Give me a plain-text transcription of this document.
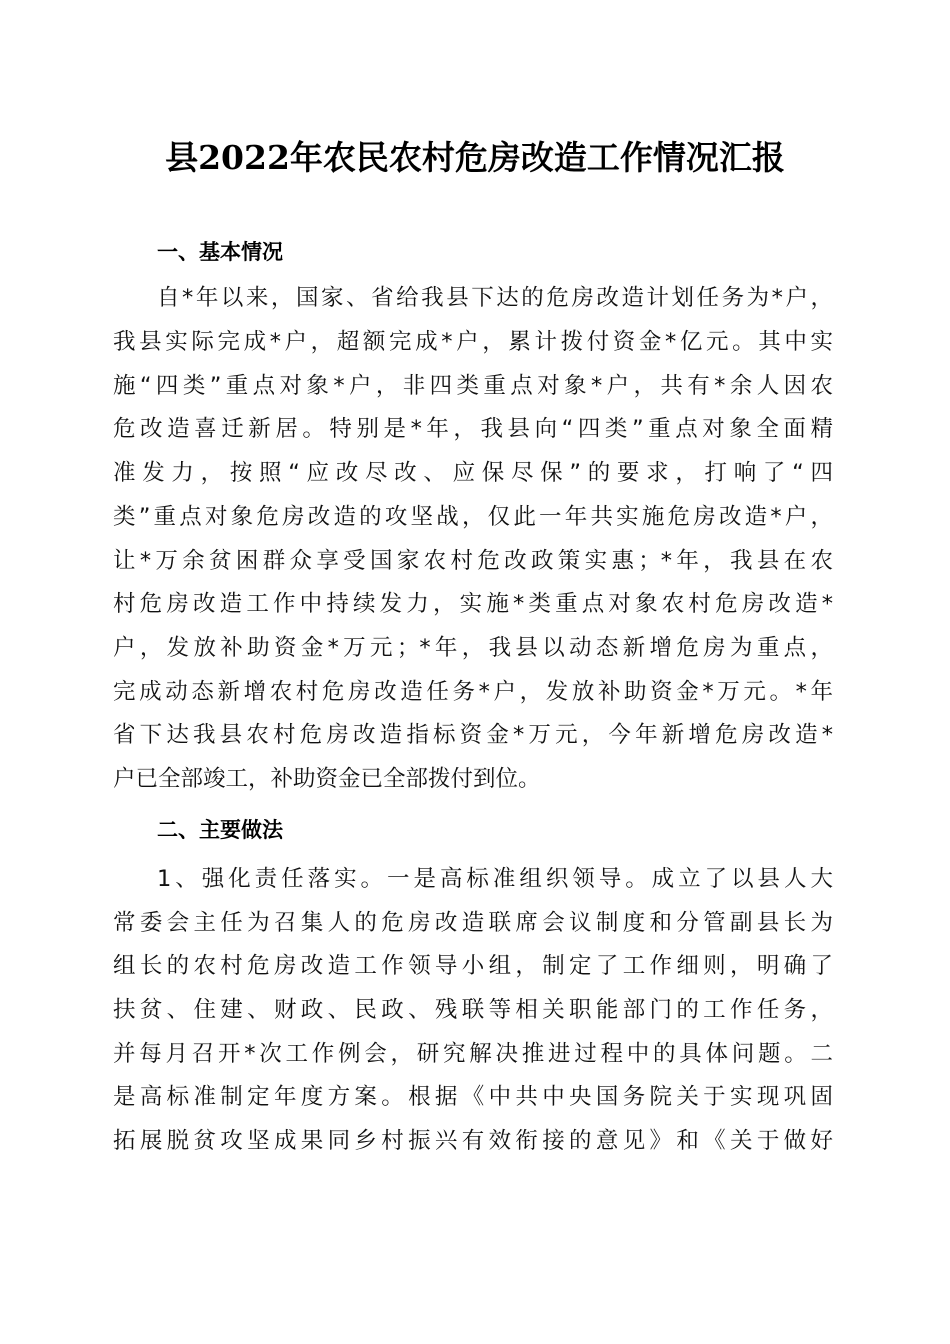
县2022年农民农村危房改造工作情况汇报
一、基本情况
自*年以来，国家、省给我县下达的危房改造计划任务为*户，
我县实际完成*户，超额完成*户，累计拨付资金*亿元。其中实
施“四类”重点对象*户，非四类重点对象*户，共有*余人因农
危改造喜迁新居。特别是*年，我县向“四类”重点对象全面精
准发力，按照“应改尽改、应保尽保”的要求，打响了“四
类”重点对象危房改造的攻坚战，仅此一年共实施危房改造*户，
让*万余贫困群众享受国家农村危改政策实惠；*年，我县在农
村危房改造工作中持续发力，实施*类重点对象农村危房改造*
户，发放补助资金*万元；*年，我县以动态新增危房为重点，
完成动态新增农村危房改造任务*户，发放补助资金*万元。*年
省下达我县农村危房改造指标资金*万元，今年新增危房改造*
户已全部竣工，补助资金已全部拨付到位。
二、主要做法
1、强化责任落实。一是高标准组织领导。成立了以县人大
常委会主任为召集人的危房改造联席会议制度和分管副县长为
组长的农村危房改造工作领导小组，制定了工作细则，明确了
扶贫、住建、财政、民政、残联等相关职能部门的工作任务，
并每月召开*次工作例会，研究解决推进过程中的具体问题。二
是高标准制定年度方案。根据《中共中央国务院关于实现巩固
拓展脱贫攻坚成果同乡村振兴有效衔接的意见》和《关于做好
